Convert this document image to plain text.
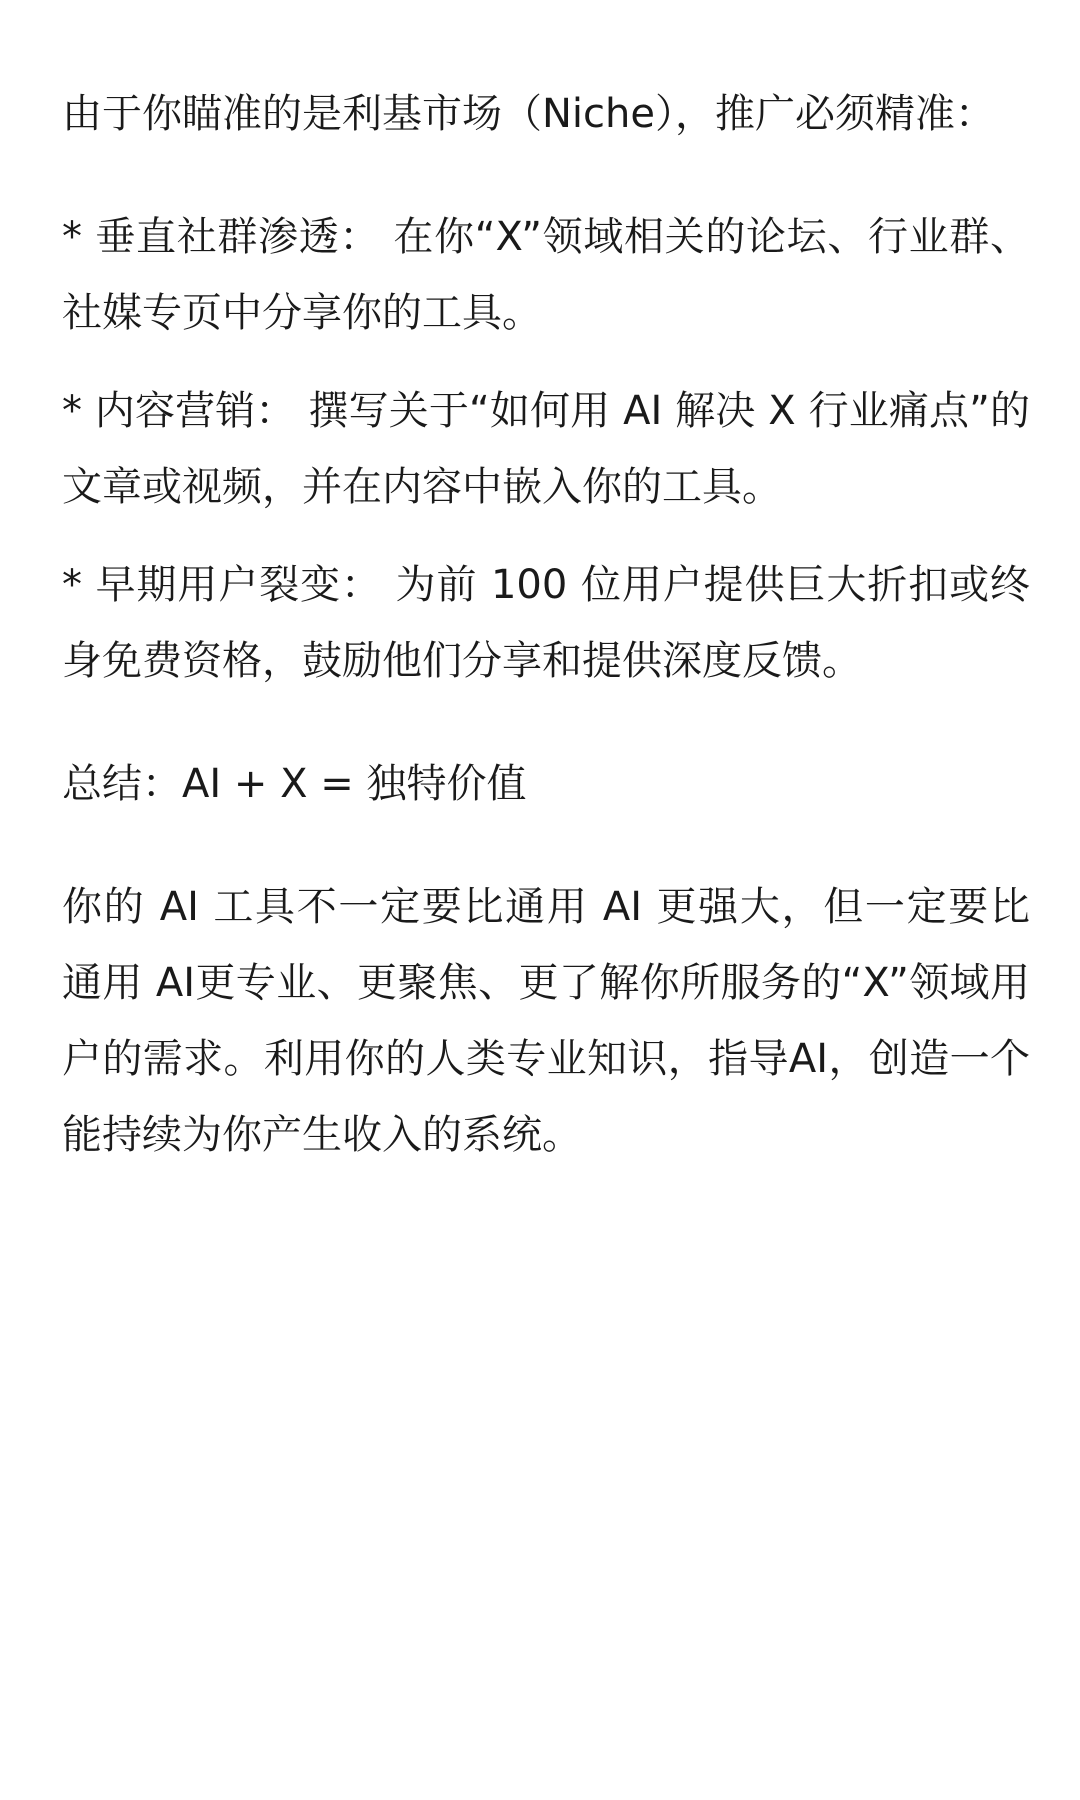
由于你瞄准的是利基市场（Niche），推广必须精准：

* 垂直社群渗透： 在你“X”领域相关的论坛、行业群、社媒专页中分享你的工具。

* 内容营销： 撰写关于“如何用 AI 解决 X 行业痛点”的文章或视频，并在内容中嵌入你的工具。

* 早期用户裂变： 为前 100 位用户提供巨大折扣或终身免费资格，鼓励他们分享和提供深度反馈。

总结：AI + X = 独特价值

你的 AI 工具不一定要比通用 AI 更强大，但一定要比通用 AI更专业、更聚焦、更了解你所服务的“X”领域用户的需求。利用你的人类专业知识，指导AI，创造一个能持续为你产生收入的系统。
